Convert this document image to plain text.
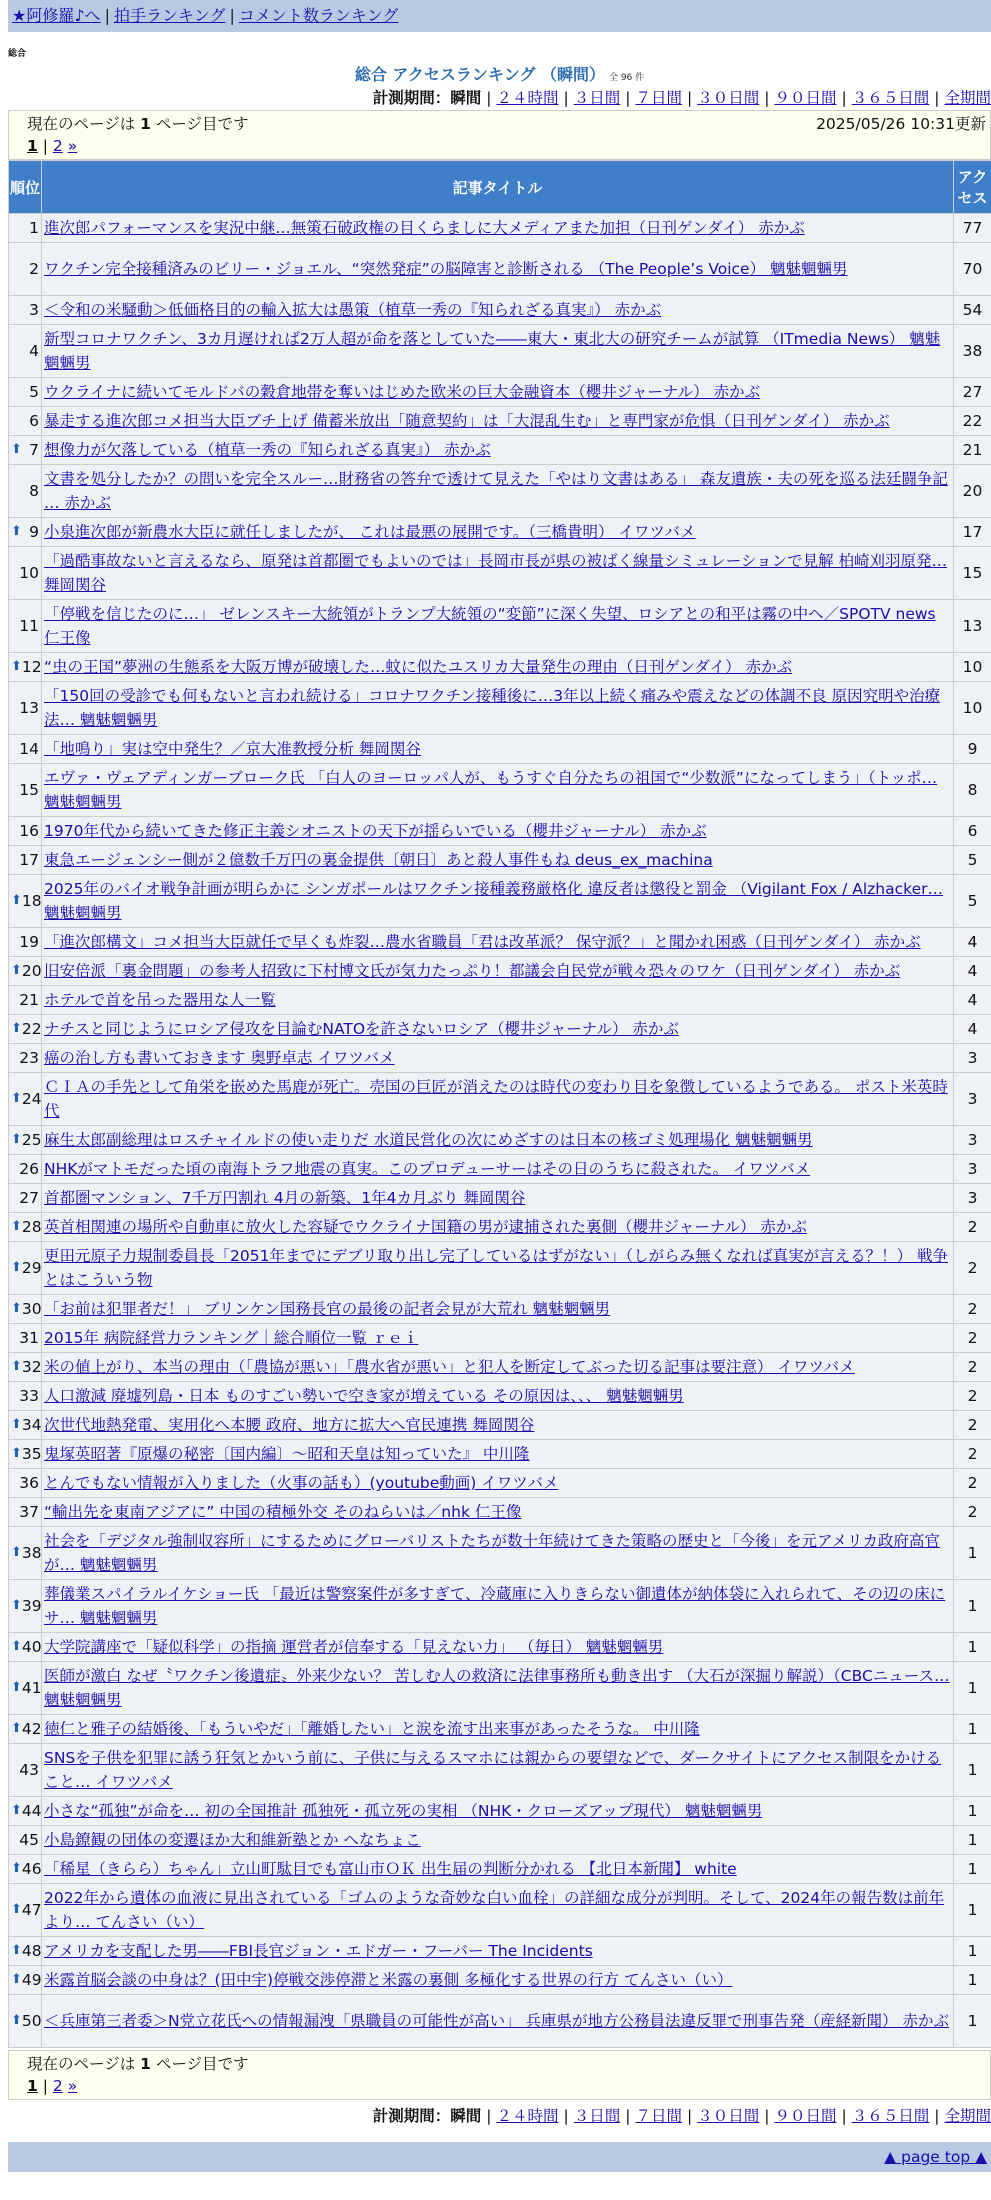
★阿修羅♪へ | 拍手ランキング | コメント数ランキング
総合
総合 アクセスランキング （瞬間） 全 96 件
計測期間：瞬間 | ２４時間 | ３日間 | ７日間 | ３０日間 | ９０日間 | ３６５日間 | 全期間
現在のページは 1 ページ目です	2025/05/26 10:31更新
1 | 2 »
順位	記事タイトル	アクセス
1	進次郎パフォーマンスを実況中継…無策石破政権の目くらましに大メディアまた加担（日刊ゲンダイ） 赤かぶ	77
2	ワクチン完全接種済みのビリー・ジョエル、“突然発症”の脳障害と診断される （The People’s Voice） 魑魅魍魎男	70
3	＜令和の米騒動＞低価格目的の輸入拡大は愚策（植草一秀の『知られざる真実』） 赤かぶ	54
4	新型コロナワクチン、3カ月遅ければ2万人超が命を落としていた――東大・東北大の研究チームが試算 （ITmedia News） 魑魅魍魎男	38
5	ウクライナに続いてモルドバの穀倉地帯を奪いはじめた欧米の巨大金融資本（櫻井ジャーナル） 赤かぶ	27
6	暴走する進次郎コメ担当大臣ブチ上げ 備蓄米放出「随意契約」は「大混乱生む」と専門家が危惧（日刊ゲンダイ） 赤かぶ	22

⬆ 7	想像力が欠落している（植草一秀の『知られざる真実』） 赤かぶ	21
8	文書を処分したか？の問いを完全スルー…財務省の答弁で透けて見えた「やはり文書はある」 森友遺族・夫の死を巡る法廷闘争記 … 赤かぶ	20

⬆ 9	小泉進次郎が新農水大臣に就任しましたが、 これは最悪の展開です。（三橋貴明） イワツバメ	17
10	「過酷事故ないと言えるなら、原発は首都圏でもよいのでは」長岡市長が県の被ばく線量シミュレーションで見解 柏崎刈羽原発… 舞岡関谷	15
11	「停戦を信じたのに…」 ゼレンスキー大統領がトランプ大統領の“変節”に深く失望、ロシアとの和平は霧の中へ／SPOTV news 仁王像	13

⬆ 12	“虫の王国”夢洲の生態系を大阪万博が破壊した…蚊に似たユスリカ大量発生の理由（日刊ゲンダイ） 赤かぶ	10
13	「150回の受診でも何もないと言われ続ける」コロナワクチン接種後に…3年以上続く痛みや震えなどの体調不良 原因究明や治療法… 魑魅魍魎男	10
14	「地鳴り」実は空中発生？／京大准教授分析 舞岡関谷	9
15	エヴァ・ヴェアディンガーブローク氏 「白人のヨーロッパ人が、もうすぐ自分たちの祖国で“少数派”になってしまう」（トッポ… 魑魅魍魎男	8
16	1970年代から続いてきた修正主義シオニストの天下が揺らいでいる（櫻井ジャーナル） 赤かぶ	6
17	東急エージェンシー側が２億数千万円の裏金提供〔朝日〕あと殺人事件もね deus_ex_machina	5

⬆ 18	2025年のバイオ戦争計画が明らかに シンガポールはワクチン接種義務厳格化 違反者は懲役と罰金 （Vigilant Fox / Alzhacker… 魑魅魍魎男	5
19	「進次郎構文」コメ担当大臣就任で早くも炸裂…農水省職員「君は改革派？ 保守派？」と聞かれ困惑（日刊ゲンダイ） 赤かぶ	4

⬆ 20	旧安倍派「裏金問題」の参考人招致に下村博文氏が気力たっぷり！都議会自民党が戦々恐々のワケ（日刊ゲンダイ） 赤かぶ	4
21	ホテルで首を吊った器用な人一覧	4

⬆ 22	ナチスと同じようにロシア侵攻を目論むNATOを許さないロシア（櫻井ジャーナル） 赤かぶ	4
23	癌の治し方も書いておきます 奥野卓志 イワツバメ	3

⬆ 24	ＣＩＡの手先として角栄を嵌めた馬鹿が死亡。売国の巨匠が消えたのは時代の変わり目を象徴しているようである。 ポスト米英時代	3

⬆ 25	麻生太郎副総理はロスチャイルドの使い走りだ 水道民営化の次にめざすのは日本の核ゴミ処理場化 魑魅魍魎男	3
26	NHKがマトモだった頃の南海トラフ地震の真実。このプロデューサーはその日のうちに殺された。 イワツバメ	3
27	首都圏マンション、7千万円割れ 4月の新築、1年4カ月ぶり 舞岡関谷	3

⬆ 28	英首相関連の場所や自動車に放火した容疑でウクライナ国籍の男が逮捕された裏側（櫻井ジャーナル） 赤かぶ	2

⬆ 29	更田元原子力規制委員長「2051年までにデブリ取り出し完了しているはずがない」（しがらみ無くなれば真実が言える？！） 戦争とはこういう物	2

⬆ 30	「お前は犯罪者だ！」 ブリンケン国務長官の最後の記者会見が大荒れ 魑魅魍魎男	2
31	2015年 病院経営力ランキング｜総合順位一覧 ｒｅｉ	2

⬆ 32	米の値上がり、本当の理由（「農協が悪い」「農水省が悪い」と犯人を断定してぶった切る記事は要注意） イワツバメ	2
33	人口激減 廃墟列島・日本 ものすごい勢いで空き家が増えている その原因は、、、 魑魅魍魎男	2

⬆ 34	次世代地熱発電、実用化へ本腰 政府、地方に拡大へ官民連携 舞岡関谷	2

⬆ 35	鬼塚英昭著『原爆の秘密〔国内編〕～昭和天皇は知っていた』 中川隆	2
36	とんでもない情報が入りました（火事の話も）(youtube動画) イワツバメ	2
37	“輸出先を東南アジアに” 中国の積極外交 そのねらいは／nhk 仁王像	2

⬆ 38	社会を「デジタル強制収容所」にするためにグローバリストたちが数十年続けてきた策略の歴史と「今後」を元アメリカ政府高官が… 魑魅魍魎男	1

⬆ 39	葬儀業スパイラルイケショー氏 「最近は警察案件が多すぎて、冷蔵庫に入りきらない御遺体が納体袋に入れられて、その辺の床にサ… 魑魅魍魎男	1

⬆ 40	大学院講座で「疑似科学」の指摘 運営者が信奉する「見えない力」 （毎日） 魑魅魍魎男	1

⬆ 41	医師が激白 なぜ〝ワクチン後遺症〟外来少ない？ 苦しむ人の救済に法律事務所も動き出す （大石が深掘り解説）（CBCニュース… 魑魅魍魎男	1

⬆ 42	徳仁と雅子の結婚後、「もういやだ」「離婚したい」と涙を流す出来事があったそうな。 中川隆	1
43	SNSを子供を犯罪に誘う狂気とかいう前に、子供に与えるスマホには親からの要望などで、ダークサイトにアクセス制限をかけること… イワツバメ	1

⬆ 44	小さな“孤独”が命を… 初の全国推計 孤独死・孤立死の実相 （NHK・クローズアップ現代） 魑魅魍魎男	1
45	小島鐐観の団体の変遷ほか大和維新塾とか へなちょこ	1

⬆ 46	「稀星（きらら）ちゃん」立山町駄目でも富山市ＯＫ 出生届の判断分かれる 【北日本新聞】 white	1

⬆ 47	2022年から遺体の血液に見出されている「ゴムのような奇妙な白い血栓」の詳細な成分が判明。そして、2024年の報告数は前年より… てんさい（い）	1

⬆ 48	アメリカを支配した男――FBI長官ジョン・エドガー・フーバー The Incidents	1

⬆ 49	米露首脳会談の中身は？(田中宇)停戦交渉停滞と米露の裏側 多極化する世界の行方 てんさい（い）	1

⬆ 50	＜兵庫第三者委＞N党立花氏への情報漏洩「県職員の可能性が高い」 兵庫県が地方公務員法違反罪で刑事告発（産経新聞） 赤かぶ	1
現在のページは 1 ページ目です
1 | 2 »
計測期間：瞬間 | ２４時間 | ３日間 | ７日間 | ３０日間 | ９０日間 | ３６５日間 | 全期間
▲ page top ▲
